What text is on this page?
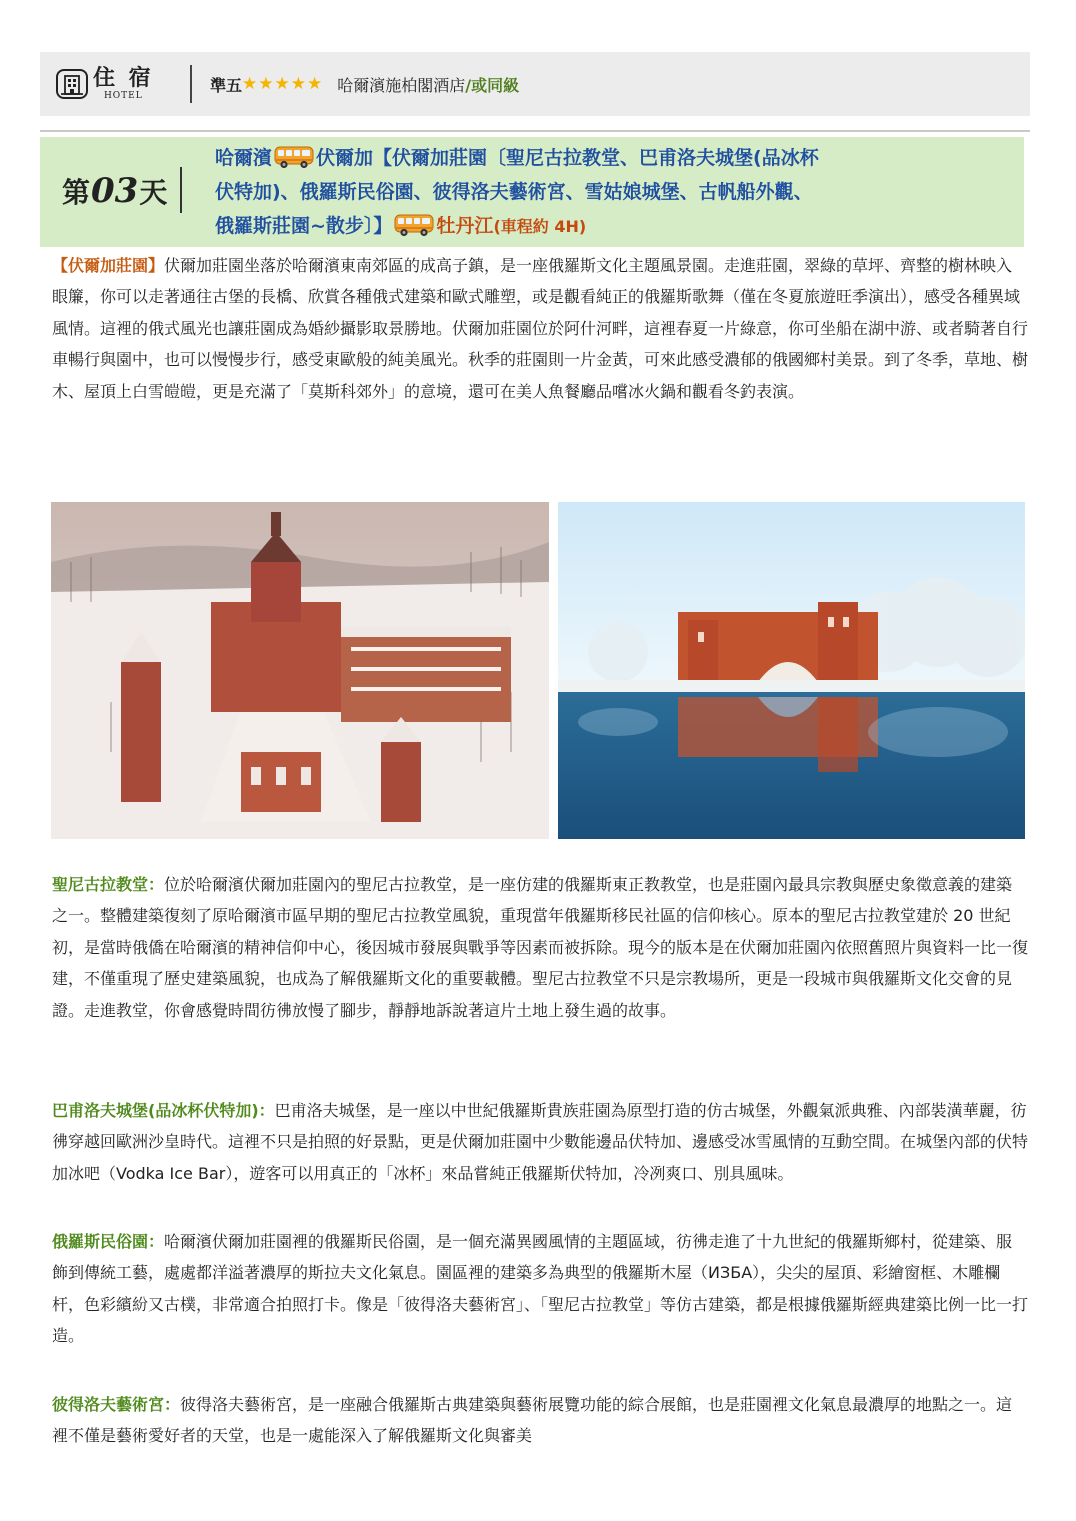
住 宿
HOTEL
準五 ★★★★★ 哈爾濱施柏閣酒店 /或同級
第 03 天
哈爾濱 伏爾加【伏爾加莊園〔聖尼古拉教堂、巴甫洛夫城堡(品冰杯
伏特加)、俄羅斯民俗園、彼得洛夫藝術宮、雪姑娘城堡、古帆船外觀、
俄羅斯莊園~散步〕】 牡丹江(車程約 4H)

【伏爾加莊園】伏爾加莊園坐落於哈爾濱東南郊區的成高子鎮，是一座俄羅斯文化主題風景園。走進莊園，翠綠的草坪、齊整的樹林映入眼簾，你可以走著通往古堡的長橋、欣賞各種俄式建築和歐式雕塑，或是觀看純正的俄羅斯歌舞（僅在冬夏旅遊旺季演出），感受各種異域風情。這裡的俄式風光也讓莊園成為婚紗攝影取景勝地。伏爾加莊園位於阿什河畔，這裡春夏一片綠意，你可坐船在湖中游、或者騎著自行車暢行與園中，也可以慢慢步行，感受東歐般的純美風光。秋季的莊園則一片金黃，可來此感受濃郁的俄國鄉村美景。到了冬季，草地、樹木、屋頂上白雪皚皚，更是充滿了「莫斯科郊外」的意境，還可在美人魚餐廳品嚐冰火鍋和觀看冬釣表演。

聖尼古拉教堂：位於哈爾濱伏爾加莊園內的聖尼古拉教堂，是一座仿建的俄羅斯東正教教堂，也是莊園內最具宗教與歷史象徵意義的建築之一。整體建築復刻了原哈爾濱市區早期的聖尼古拉教堂風貌，重現當年俄羅斯移民社區的信仰核心。原本的聖尼古拉教堂建於 20 世紀初，是當時俄僑在哈爾濱的精神信仰中心，後因城市發展與戰爭等因素而被拆除。現今的版本是在伏爾加莊園內依照舊照片與資料一比一復建，不僅重現了歷史建築風貌，也成為了解俄羅斯文化的重要載體。聖尼古拉教堂不只是宗教場所，更是一段城市與俄羅斯文化交會的見證。走進教堂，你會感覺時間彷彿放慢了腳步，靜靜地訴說著這片土地上發生過的故事。

巴甫洛夫城堡(品冰杯伏特加)：巴甫洛夫城堡，是一座以中世紀俄羅斯貴族莊園為原型打造的仿古城堡，外觀氣派典雅、內部裝潢華麗，彷彿穿越回歐洲沙皇時代。這裡不只是拍照的好景點，更是伏爾加莊園中少數能邊品伏特加、邊感受冰雪風情的互動空間。在城堡內部的伏特加冰吧（Vodka Ice Bar），遊客可以用真正的「冰杯」來品嘗純正俄羅斯伏特加，冷冽爽口、別具風味。

俄羅斯民俗園：哈爾濱伏爾加莊園裡的俄羅斯民俗園，是一個充滿異國風情的主題區域，彷彿走進了十九世紀的俄羅斯鄉村，從建築、服飾到傳統工藝，處處都洋溢著濃厚的斯拉夫文化氣息。園區裡的建築多為典型的俄羅斯木屋（ИЗБА），尖尖的屋頂、彩繪窗框、木雕欄杆，色彩繽紛又古樸，非常適合拍照打卡。像是「彼得洛夫藝術宮」、「聖尼古拉教堂」等仿古建築，都是根據俄羅斯經典建築比例一比一打造。

彼得洛夫藝術宮：彼得洛夫藝術宮，是一座融合俄羅斯古典建築與藝術展覽功能的綜合展館，也是莊園裡文化氣息最濃厚的地點之一。這裡不僅是藝術愛好者的天堂，也是一處能深入了解俄羅斯文化與審美
